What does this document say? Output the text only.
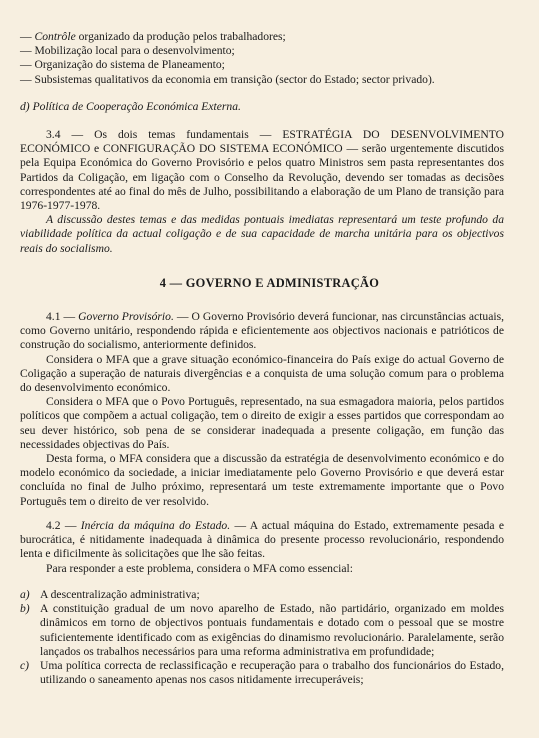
— Contrôle organizado da produção pelos trabalhadores;

— Mobilização local para o desenvolvimento;

— Organização do sistema de Planeamento;

— Subsistemas qualitativos da economia em transição (sector do Estado; sector privado).

d) Política de Cooperação Económica Externa.

3.4 — Os dois temas fundamentais — ESTRATÉGIA DO DESENVOLVIMENTO ECONÓMICO e CONFIGURAÇÃO DO SISTEMA ECONÓMICO — serão urgentemente discutidos pela Equipa Económica do Governo Provisório e pelos quatro Ministros sem pasta representantes dos Partidos da Coligação, em ligação com o Conselho da Revolução, devendo ser tomadas as decisões correspondentes até ao final do mês de Julho, possibilitando a elaboração de um Plano de transição para 1976-1977-1978.

A discussão destes temas e das medidas pontuais imediatas representará um teste profundo da viabilidade política da actual coligação e de sua capacidade de marcha unitária para os objectivos reais do socialismo.

4 — GOVERNO E ADMINISTRAÇÃO

4.1 — Governo Provisório. — O Governo Provisório deverá funcionar, nas circunstâncias actuais, como Governo unitário, respondendo rápida e eficientemente aos objectivos nacionais e patrióticos de construção do socialismo, anteriormente definidos.

Considera o MFA que a grave situação económico-financeira do País exige do actual Governo de Coligação a superação de naturais divergências e a conquista de uma solução comum para o problema do desenvolvimento económico.

Considera o MFA que o Povo Português, representado, na sua esmagadora maioria, pelos partidos políticos que compõem a actual coligação, tem o direito de exigir a esses partidos que correspondam ao seu dever histórico, sob pena de se considerar inadequada a presente coligação, em função das necessidades objectivas do País.

Desta forma, o MFA considera que a discussão da estratégia de desenvolvimento económico e do modelo económico da sociedade, a iniciar imediatamente pelo Governo Provisório e que deverá estar concluída no final de Julho próximo, representará um teste extremamente importante que o Povo Português tem o direito de ver resolvido.

4.2 — Inércia da máquina do Estado. — A actual máquina do Estado, extremamente pesada e burocrática, é nitidamente inadequada à dinâmica do presente processo revolucionário, respondendo lenta e dificilmente às solicitações que lhe são feitas.

Para responder a este problema, considera o MFA como essencial:

a) A descentralização administrativa;
b) A constituição gradual de um novo aparelho de Estado, não partidário, organizado em moldes dinâmicos em torno de objectivos pontuais fundamentais e dotado com o pessoal que se mostre suficientemente identificado com as exigências do dinamismo revolucionário. Paralelamente, serão lançados os trabalhos necessários para uma reforma administrativa em profundidade;
c) Uma política correcta de reclassificação e recuperação para o trabalho dos funcionários do Estado, utilizando o saneamento apenas nos casos nitidamente irrecuperáveis;
